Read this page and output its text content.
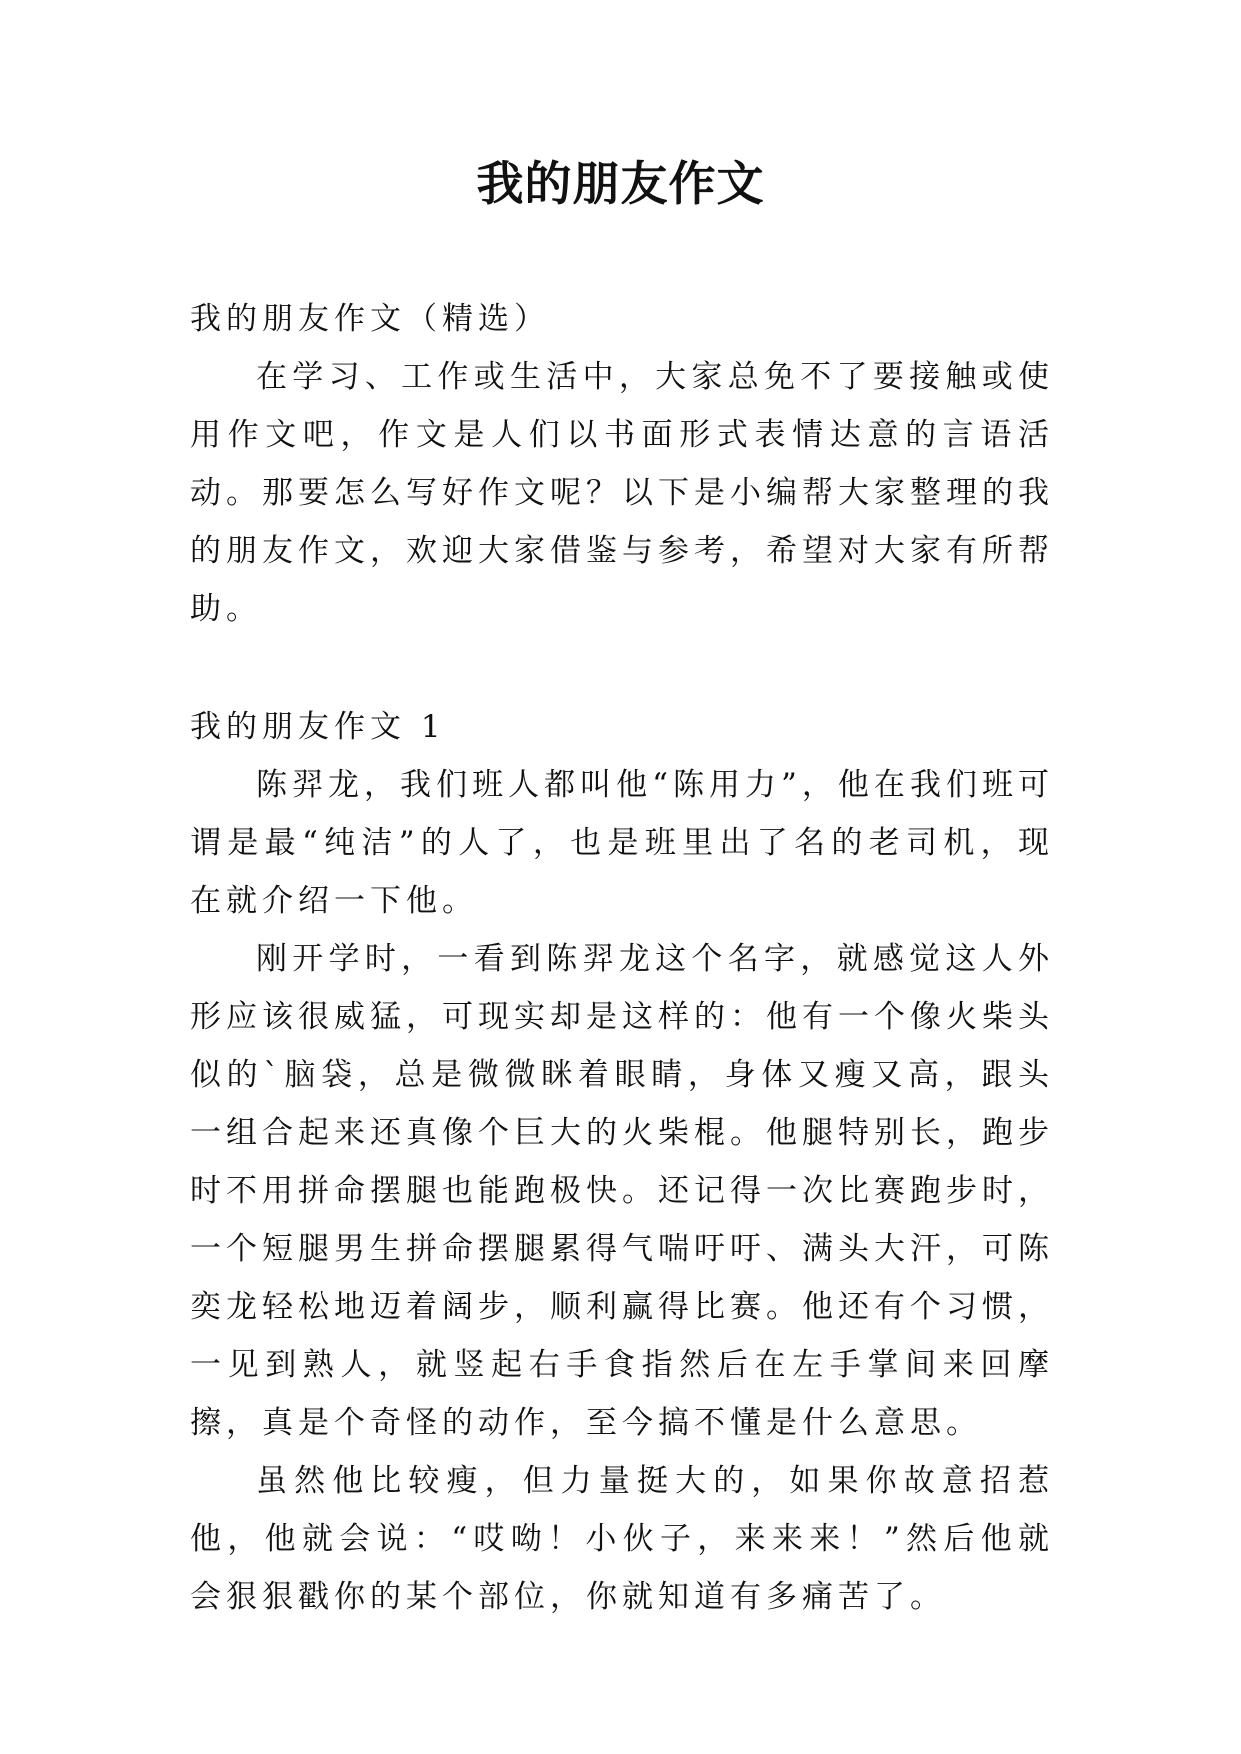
我的朋友作文

我的朋友作文（精选）

在学习、工作或生活中，大家总免不了要接触或使用作文吧，作文是人们以书面形式表情达意的言语活动。那要怎么写好作文呢？以下是小编帮大家整理的我的朋友作文，欢迎大家借鉴与参考，希望对大家有所帮助。

我的朋友作文 1

陈羿龙，我们班人都叫他“陈用力”，他在我们班可谓是最“纯洁”的人了，也是班里出了名的老司机，现在就介绍一下他。

刚开学时，一看到陈羿龙这个名字，就感觉这人外形应该很威猛，可现实却是这样的：他有一个像火柴头似的`脑袋，总是微微眯着眼睛，身体又瘦又高，跟头一组合起来还真像个巨大的火柴棍。他腿特别长，跑步时不用拼命摆腿也能跑极快。还记得一次比赛跑步时，一个短腿男生拼命摆腿累得气喘吁吁、满头大汗，可陈奕龙轻松地迈着阔步，顺利赢得比赛。他还有个习惯，一见到熟人，就竖起右手食指然后在左手掌间来回摩擦，真是个奇怪的动作，至今搞不懂是什么意思。

虽然他比较瘦，但力量挺大的，如果你故意招惹他，他就会说：“哎呦！小伙子，来来来！”然后他就会狠狠戳你的某个部位，你就知道有多痛苦了。
